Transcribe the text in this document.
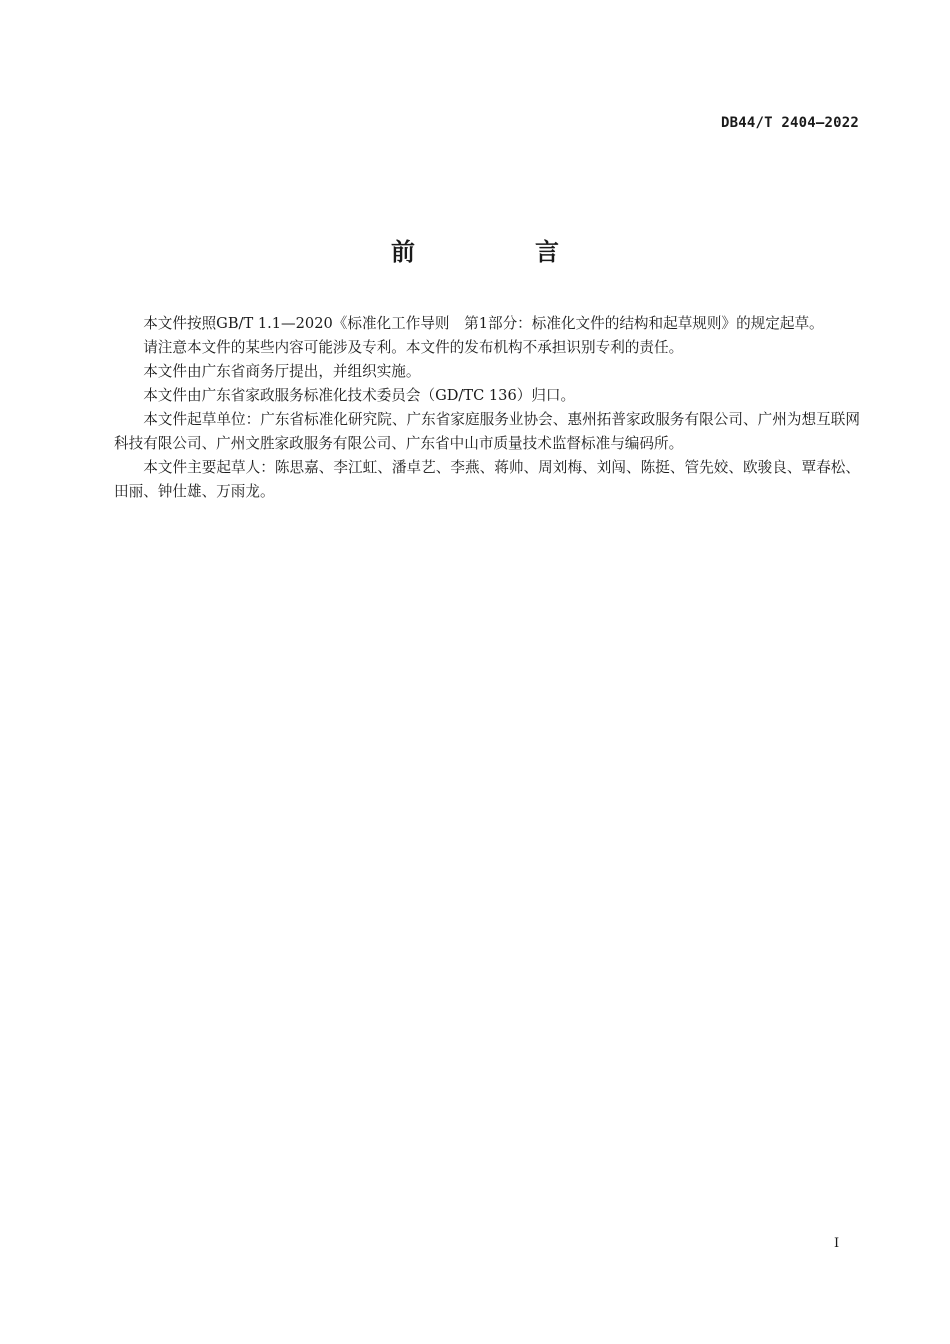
DB44/T 2404—2022
前　言

本文件按照GB/T 1.1—2020《标准化工作导则　第1部分：标准化文件的结构和起草规则》的规定起草。

请注意本文件的某些内容可能涉及专利。本文件的发布机构不承担识别专利的责任。

本文件由广东省商务厅提出，并组织实施。

本文件由广东省家政服务标准化技术委员会（GD/TC 136）归口。

本文件起草单位：广东省标准化研究院、广东省家庭服务业协会、惠州拓普家政服务有限公司、广州为想互联网科技有限公司、广州文胜家政服务有限公司、广东省中山市质量技术监督标准与编码所。

本文件主要起草人：陈思嘉、李江虹、潘卓艺、李燕、蒋帅、周刘梅、刘闯、陈挺、管先姣、欧骏良、覃春松、田丽、钟仕雄、万雨龙。

I
